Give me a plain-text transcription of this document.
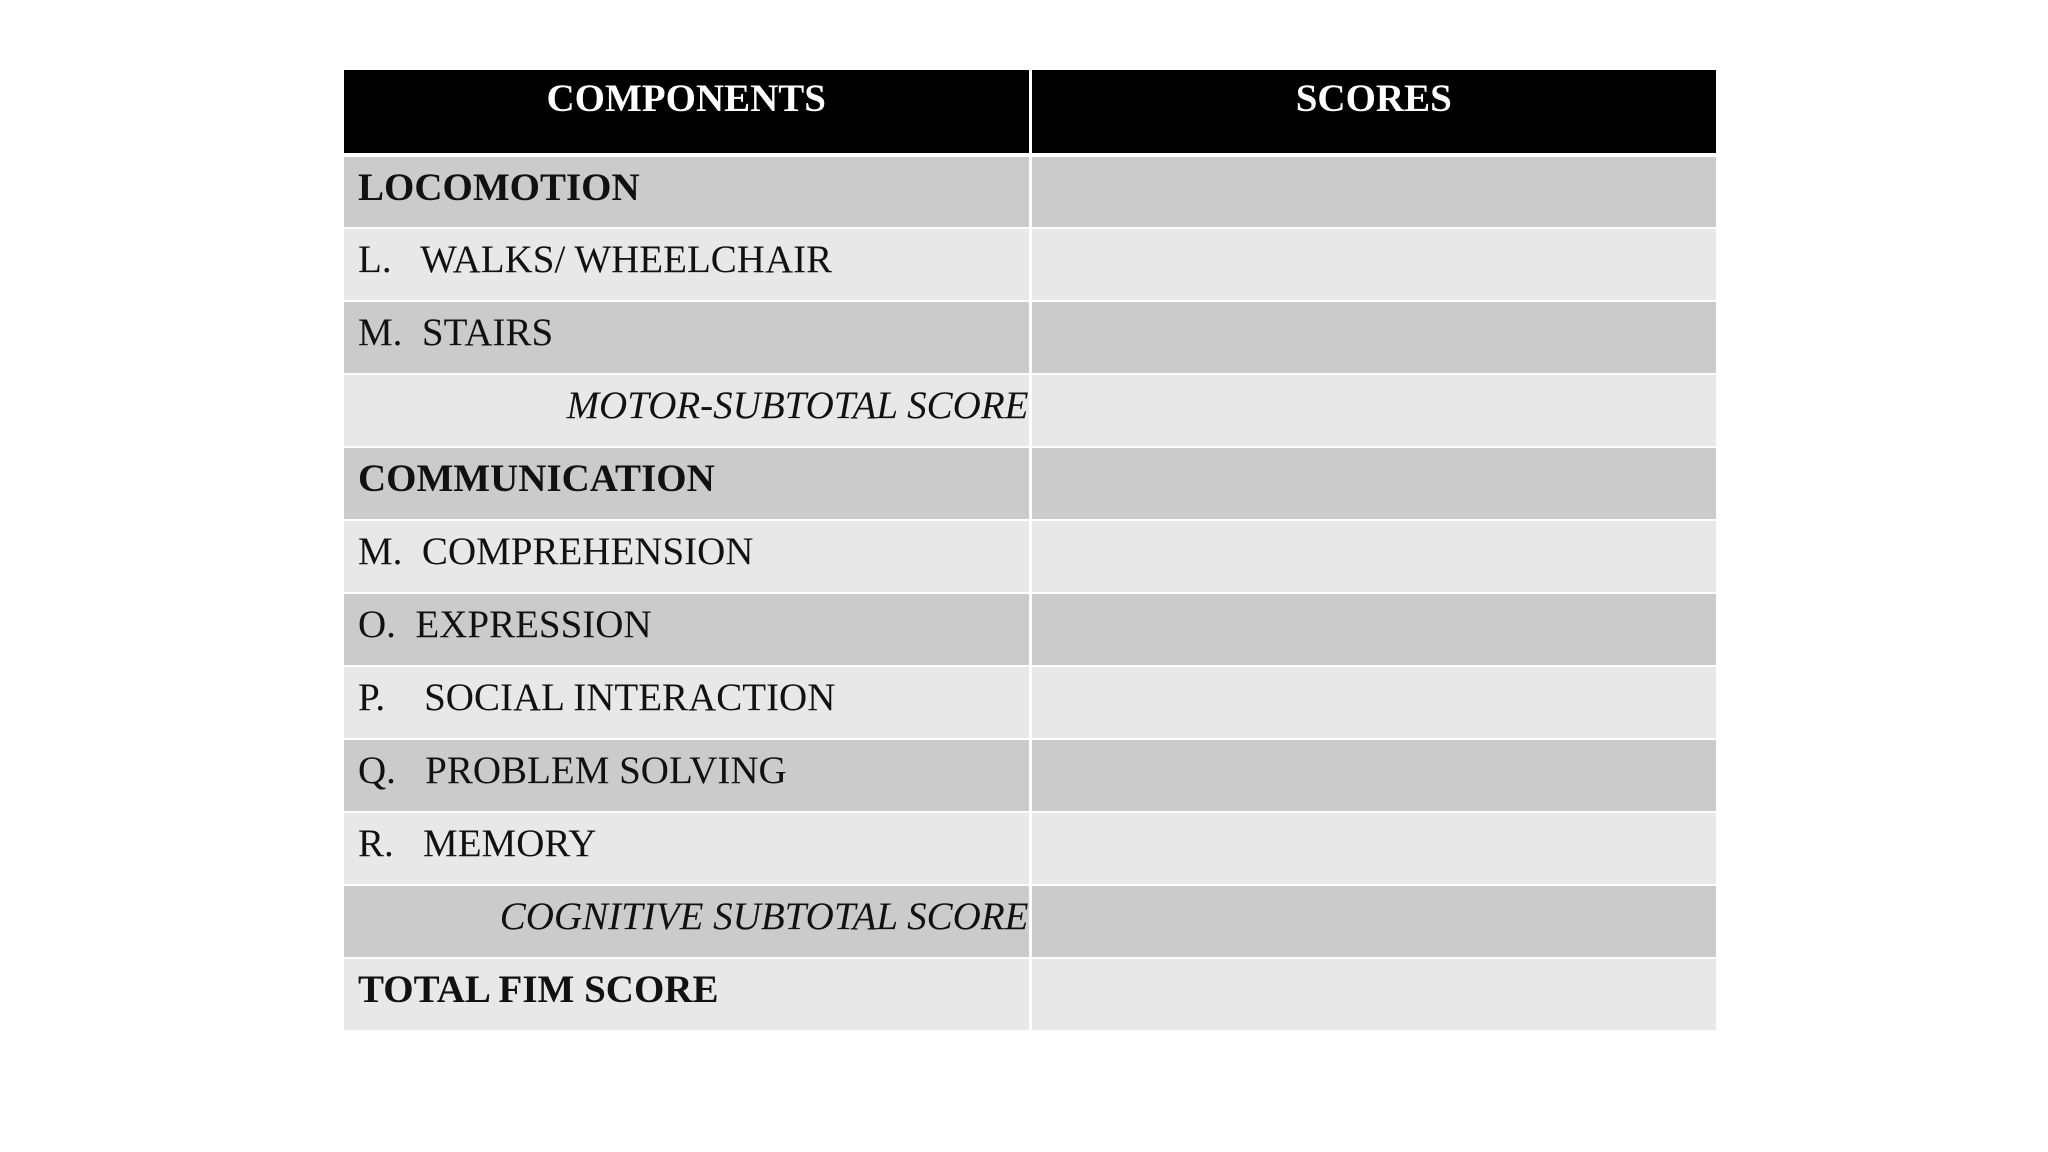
COMPONENTS	SCORES
LOCOMOTION	
L.   WALKS/ WHEELCHAIR	
M.  STAIRS	
MOTOR-SUBTOTAL SCORE	
COMMUNICATION	
M.  COMPREHENSION	
O.  EXPRESSION	
P.    SOCIAL INTERACTION	
Q.   PROBLEM SOLVING	
R.   MEMORY	
COGNITIVE SUBTOTAL SCORE	
TOTAL FIM SCORE	
